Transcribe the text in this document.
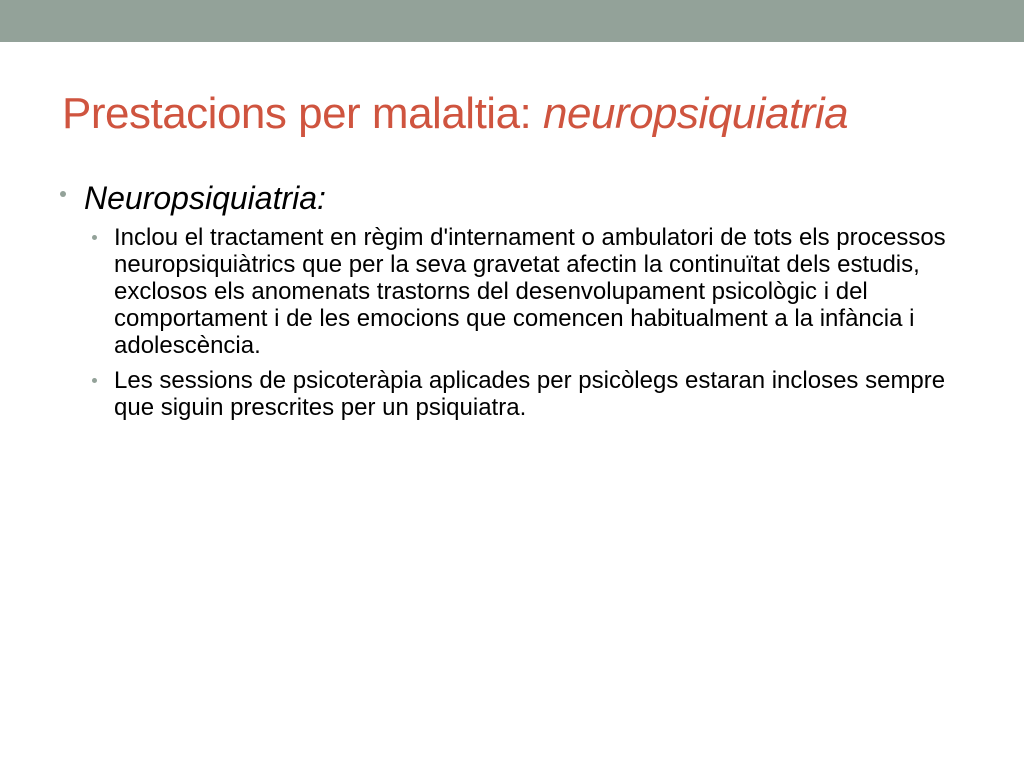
Prestacions per malaltia: neuropsiquiatria
Neuropsiquiatria:
Inclou el tractament en règim d'internament o ambulatori de tots els processos neuropsiquiàtrics que per la seva gravetat afectin la continuïtat dels estudis, exclosos els anomenats trastorns del desenvolupament psicològic i del comportament i de les emocions que comencen habitualment a la infància i adolescència.
Les sessions de psicoteràpia aplicades per psicòlegs estaran incloses sempre que siguin prescrites per un psiquiatra.
